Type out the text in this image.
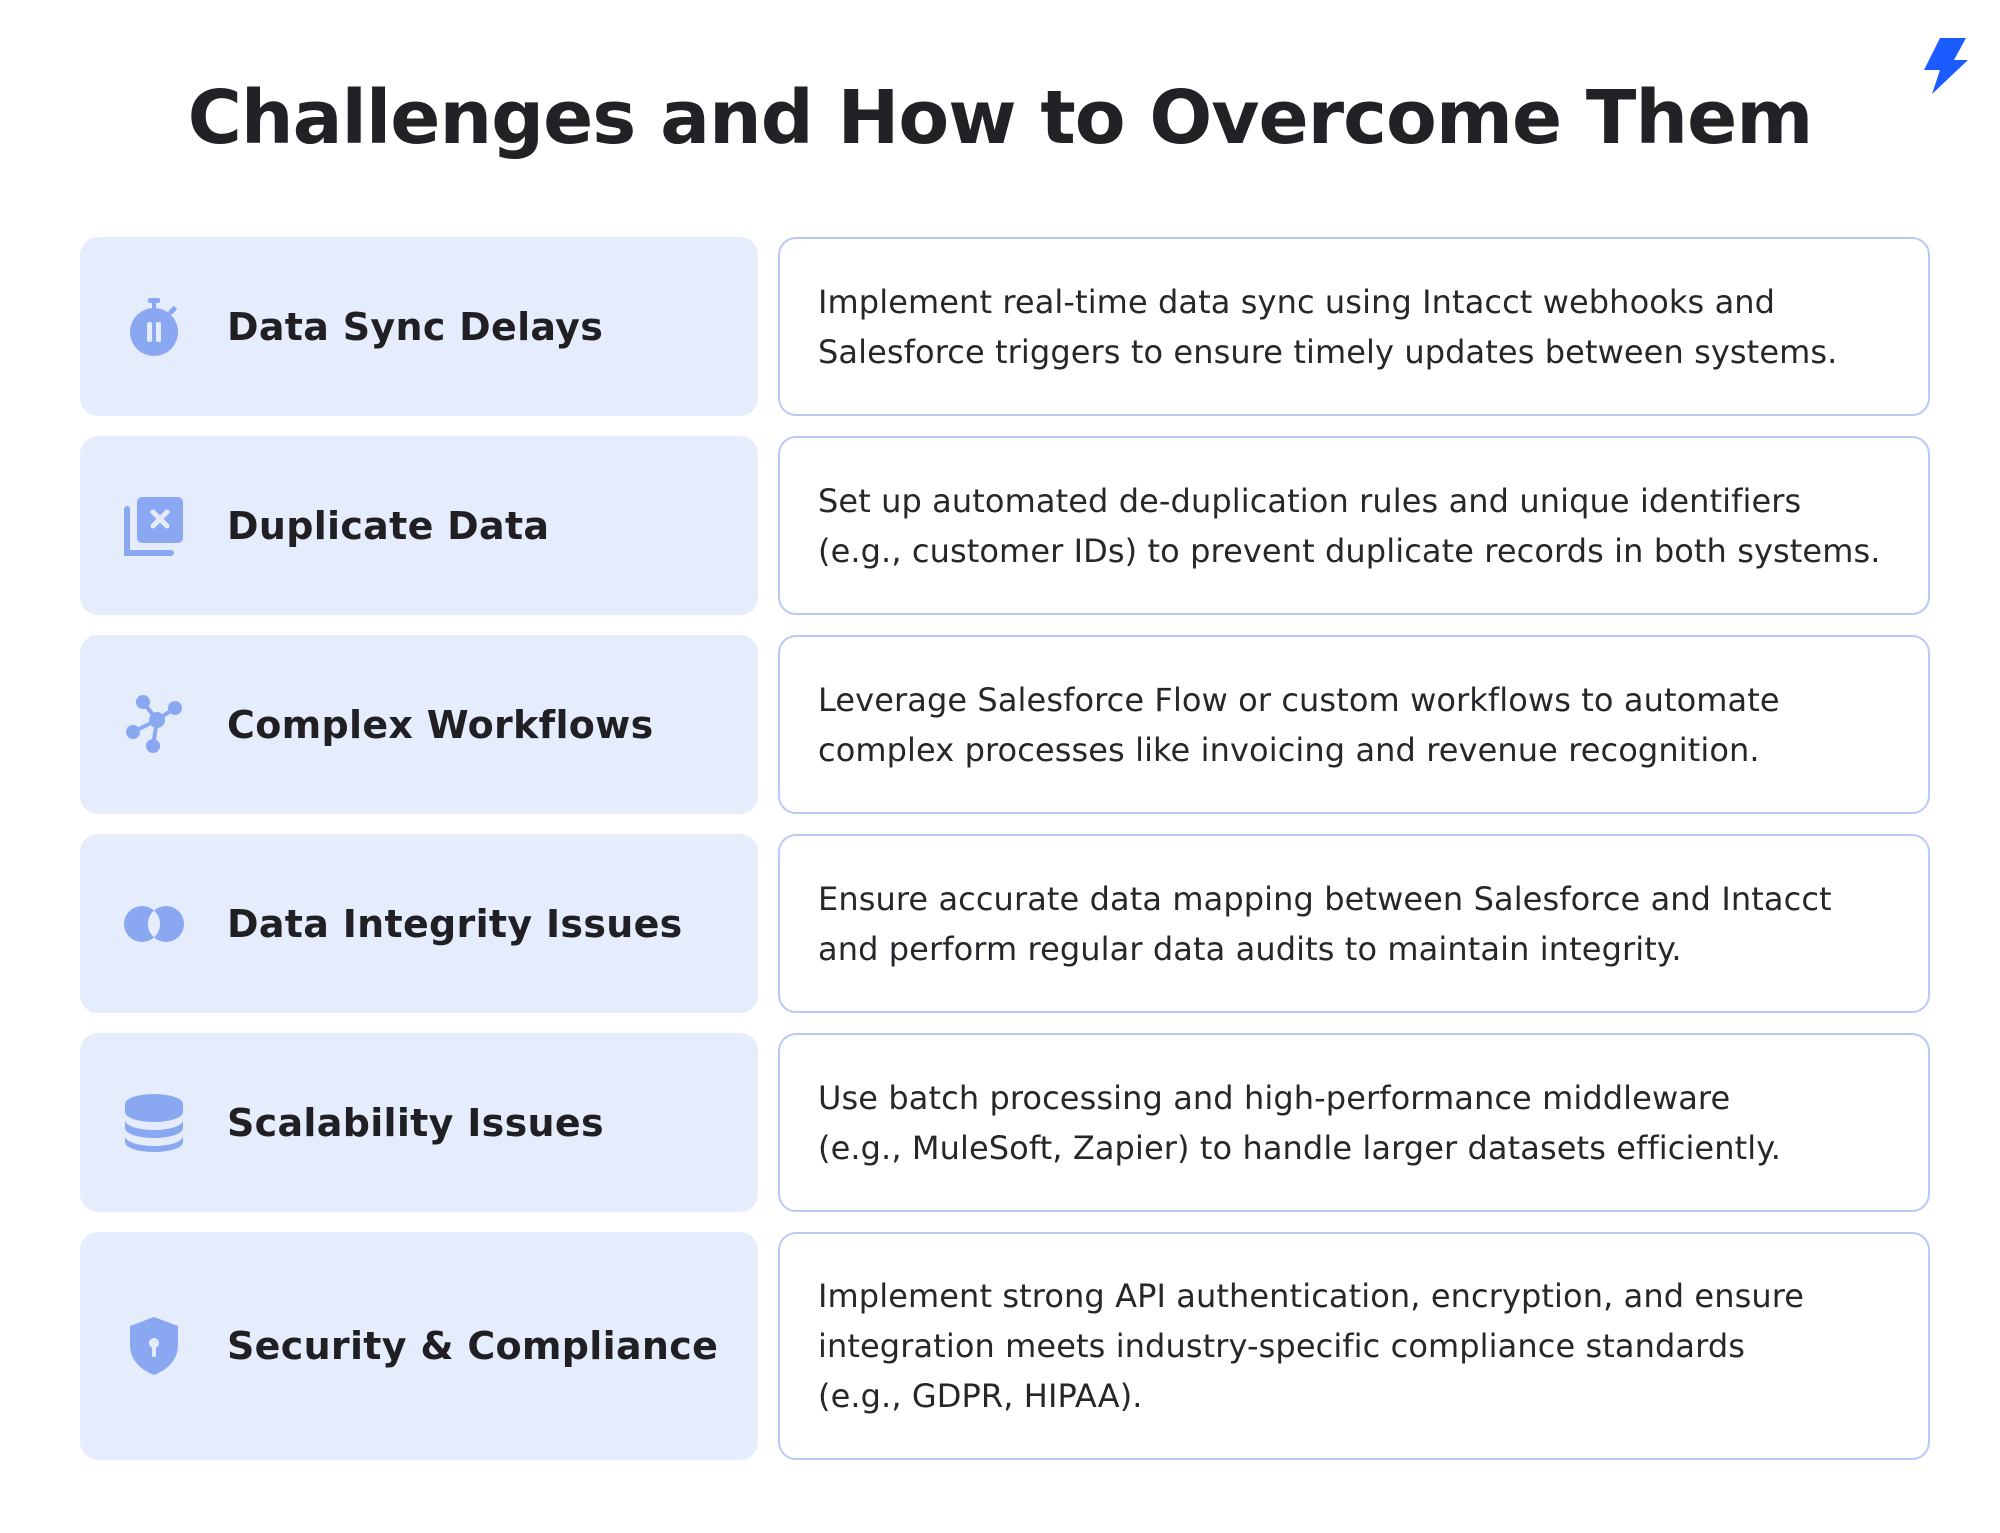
Challenges and How to Overcome Them
Data Sync Delays
Implement real-time data sync using Intacct webhooks and
Salesforce triggers to ensure timely updates between systems.
Duplicate Data
Set up automated de-duplication rules and unique identifiers
(e.g., customer IDs) to prevent duplicate records in both systems.
Complex Workflows
Leverage Salesforce Flow or custom workflows to automate
complex processes like invoicing and revenue recognition.
Data Integrity Issues
Ensure accurate data mapping between Salesforce and Intacct
and perform regular data audits to maintain integrity.
Scalability Issues
Use batch processing and high-performance middleware
(e.g., MuleSoft, Zapier) to handle larger datasets efficiently.
Security & Compliance
Implement strong API authentication, encryption, and ensure
integration meets industry-specific compliance standards
(e.g., GDPR, HIPAA).
